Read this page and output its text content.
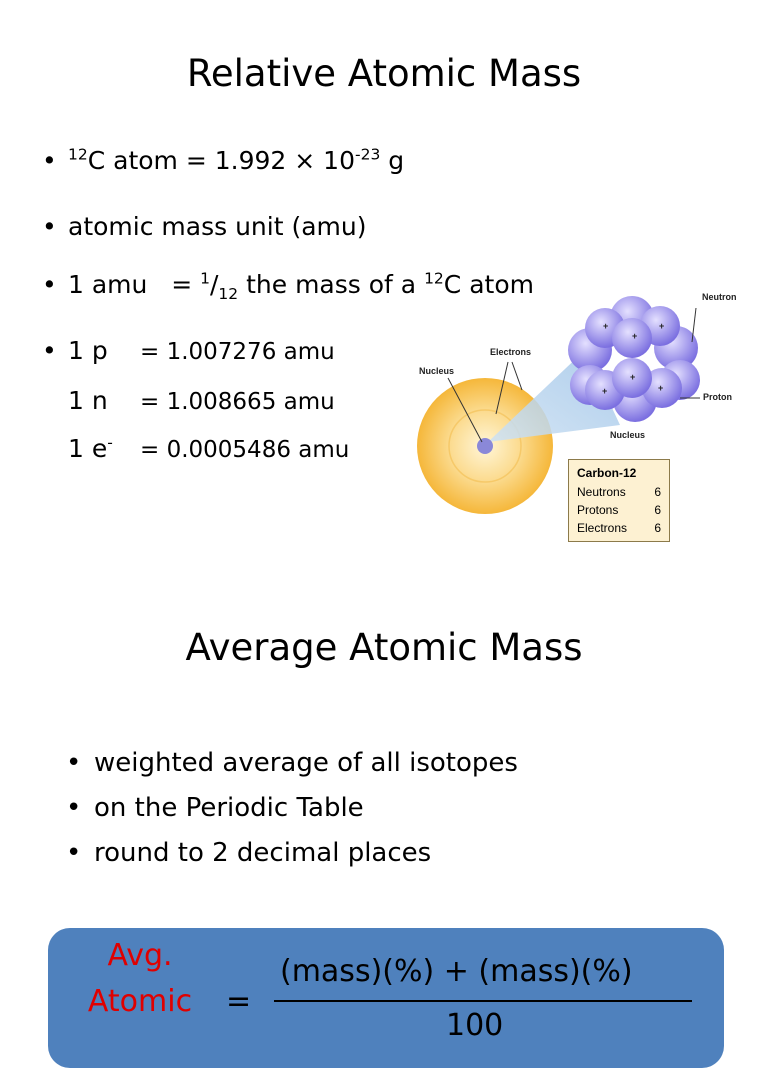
Relative Atomic Mass
• $^{12}$C atom = $1.992 \times 10^{-23}$ g
• atomic mass unit (amu)
• 1 amu   = $^1/_{12}$ the mass of a $^{12}$C atom
• 1 p = 1.007276 amu
1 n = 1.008665 amu
1 e- = 0.0005486 amu
+
+
+
+
+	+
Neutron
Electrons
Nucleus
Proton
Nucleus
Carbon-12
Neutrons 6
Protons	6
Electrons 6
Average Atomic Mass
• weighted average of all isotopes
• on the Periodic Table
• round to 2 decimal places
Avg.
Atomic	=
(mass)(%) + (mass)(%)
100
